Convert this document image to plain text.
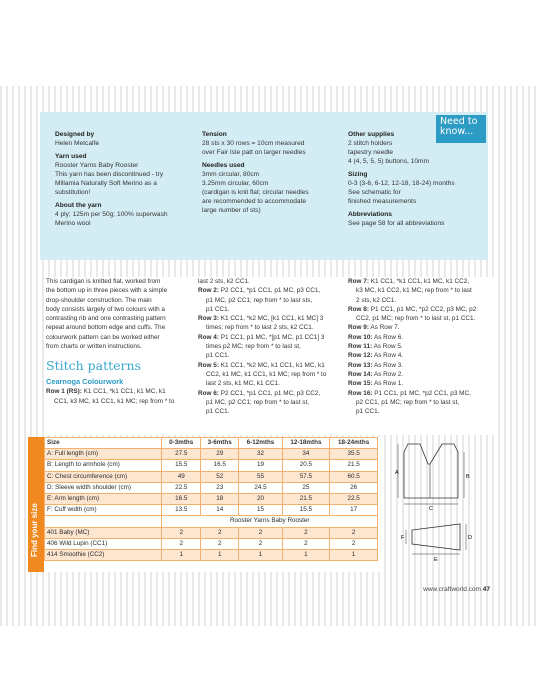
Need to
know...
Designed by
Helen Metcalfe
Yarn used
Rooster Yarns Baby Rooster
This yarn has been discontinued - try
Millamia Naturally Soft Merino as a
substitution!
About the yarn
4 ply; 125m per 50g; 100% superwash
Merino wool
Tension
28 sts x 30 rows = 10cm measured
over Fair Isle patt on larger needles
Needles used
3mm circular, 80cm
3.25mm circular, 60cm
(cardigan is knit flat; circular needles
are recommended to accommodate
large number of sts)
Other supplies
2 stitch holders
tapestry needle
4 (4, 5, 5, 5) buttons, 10mm
Sizing
0-3 (3-6, 6-12, 12-18, 18-24) months
See schematic for
finished measurements
Abbreviations
See page 58 for all abbreviations
This cardigan is knitted flat, worked from
the bottom up in three pieces with a simple
drop-shoulder construction. The main
body consists largely of two colours with a
contrasting rib and one contrasting pattern
repeat around bottom edge and cuffs. The
colourwork pattern can be worked either
from charts or written instructions.
Stitch patterns
Cearnoga Colourwork
Row 1 (RS): K1 CC1, *k1 CC1, k1 MC, k1
CC1, k3 MC, k1 CC1, k1 MC; rep from * to
last 2 sts, k2 CC1.
Row 2: P2 CC1, *p1 CC1, p1 MC, p3 CC1,
p1 MC, p2 CC1; rep from * to last sts,
p1 CC1.
Row 3: K1 CC1, *k2 MC, [k1 CC1, k1 MC] 3
times; rep from * to last 2 sts, k2 CC1.
Row 4: P1 CC1, p1 MC, *[p1 MC, p1 CC1] 3
times p2 MC; rep from * to last st,
p1 CC1.
Row 5: K1 CC1, *k2 MC, k1 CC1, k1 MC, k1
CC2, k1 MC, k1 CC1, k1 MC; rep from * to
last 2 sts, k1 MC, k1 CC1.
Row 6: P2 CC1, *p1 CC1, p1 MC, p3 CC2,
p1 MC, p2 CC1; rep from * to last st,
p1 CC1.
Row 7: K1 CC1, *k1 CC1, k1 MC, k1 CC2,
k3 MC, k1 CC2, k1 MC; rep from * to last
2 sts, k2 CC1.
Row 8: P1 CC1, p1 MC, *p2 CC2, p3 MC, p2
CC2, p1 MC; rep from * to last st, p1 CC1.
Row 9: As Row 7.
Row 10: As Row 6.
Row 11: As Row 5.
Row 12: As Row 4.
Row 13: As Row 3.
Row 14: As Row 2.
Row 15: As Row 1.
Row 16: P1 CC1, p1 MC, *p2 CC1, p3 MC,
p2 CC1, p1 MC; rep from * to last st,
p1 CC1.
Find your size
Size	0-3mths	3-6mths	6-12mths	12-18mths	18-24mths
A: Full length (cm)	27.5	29	32	34	35.5
B: Length to armhole (cm)	15.5	16.5	19	20.5	21.5
C: Chest circumference (cm)	49	52	55	57.5	60.5
D: Sleeve width shoulder (cm)	22.5	23	24.5	25	26
E: Arm length (cm)	16.5	18	20	21.5	22.5
F: Cuff width (cm)	13.5	14	15	15.5	17
	Rooster Yarns Baby Rooster				
401 Baby (MC)	2	2	2	2	2
406 Wild Lupin (CC1)	2	2	2	2	2
414 Smoothie (CC2)	1	1	1	1	1
A
B
C
F	D
E
www.craftworld.com 47
